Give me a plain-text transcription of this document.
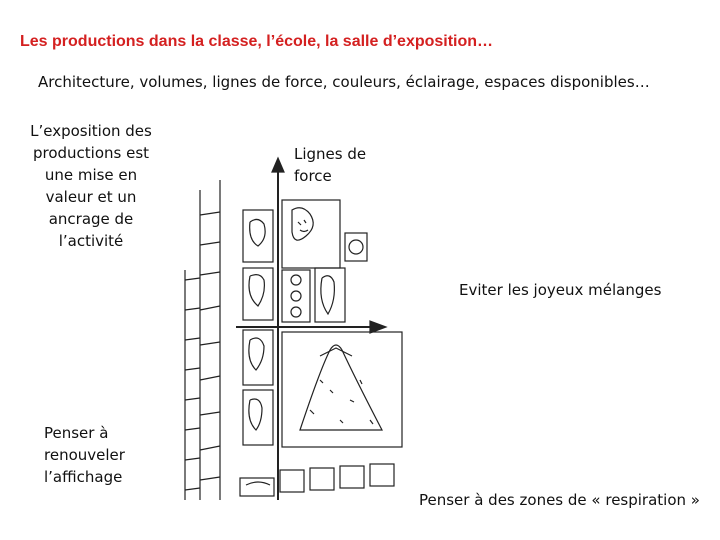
Les productions dans la classe, l’école, la salle d’exposition…
Architecture, volumes, lignes de force, couleurs, éclairage, espaces disponibles…
L’exposition des productions est une mise en valeur et un ancrage de l’activité
Lignes de force
Eviter les joyeux mélanges
Penser à renouveler l’affichage
Penser à des zones de « respiration »
